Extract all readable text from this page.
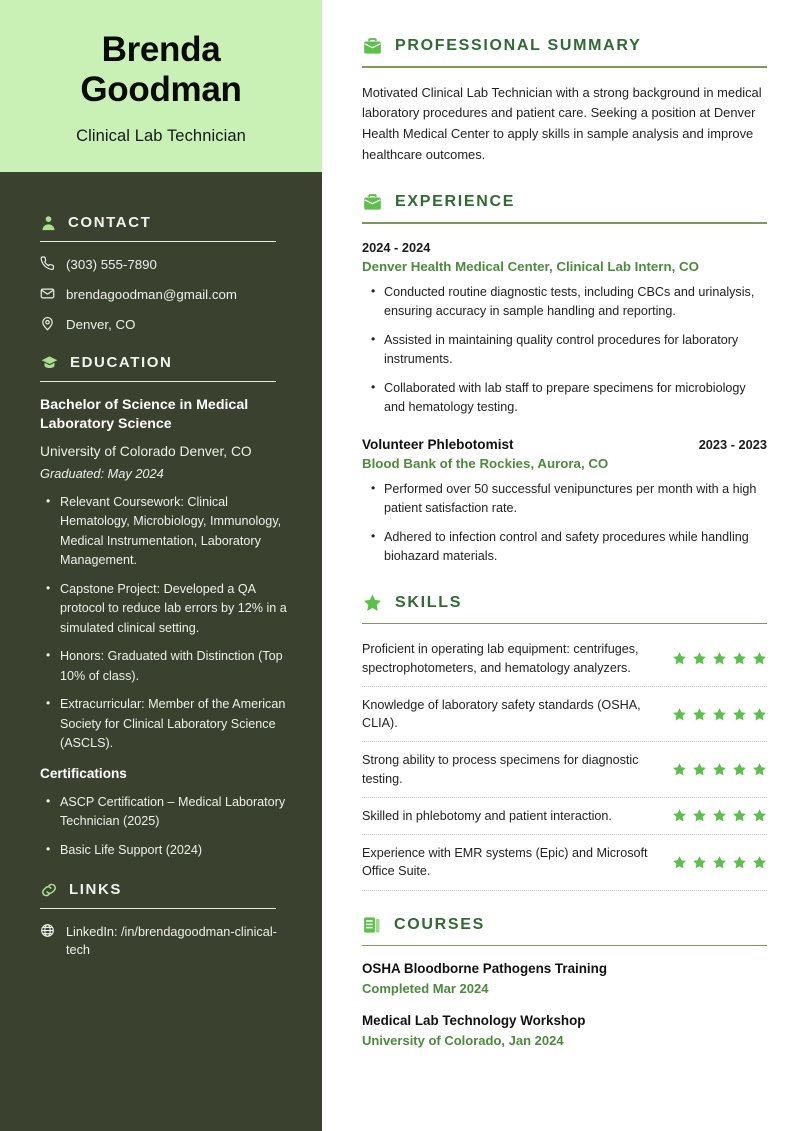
Brenda
Goodman
Clinical Lab Technician
CONTACT
(303) 555-7890
brendagoodman@gmail.com
Denver, CO
EDUCATION
Bachelor of Science in Medical Laboratory Science
University of Colorado Denver, CO
Graduated: May 2024
• Relevant Coursework: Clinical Hematology, Microbiology, Immunology, Medical Instrumentation, Laboratory Management.
• Capstone Project: Developed a QA protocol to reduce lab errors by 12% in a simulated clinical setting.
• Honors: Graduated with Distinction (Top 10% of class).
• Extracurricular: Member of the American Society for Clinical Laboratory Science (ASCLS).
Certifications
• ASCP Certification – Medical Laboratory Technician (2025)
• Basic Life Support (2024)
LINKS
LinkedIn: /in/brendagoodman-clinical-tech
PROFESSIONAL SUMMARY

Motivated Clinical Lab Technician with a strong background in medical laboratory procedures and patient care. Seeking a position at Denver Health Medical Center to apply skills in sample analysis and improve healthcare outcomes.

EXPERIENCE
2024 - 2024
Denver Health Medical Center, Clinical Lab Intern, CO
• Conducted routine diagnostic tests, including CBCs and urinalysis, ensuring accuracy in sample handling and reporting.
• Assisted in maintaining quality control procedures for laboratory instruments.
• Collaborated with lab staff to prepare specimens for microbiology and hematology testing.
Volunteer Phlebotomist	2023 - 2023
Blood Bank of the Rockies, Aurora, CO
• Performed over 50 successful venipunctures per month with a high patient satisfaction rate.
• Adhered to infection control and safety procedures while handling biohazard materials.
SKILLS
Proficient in operating lab equipment: centrifuges, spectrophotometers, and hematology analyzers.
Knowledge of laboratory safety standards (OSHA, CLIA).
Strong ability to process specimens for diagnostic testing.
Skilled in phlebotomy and patient interaction.
Experience with EMR systems (Epic) and Microsoft Office Suite.
COURSES
OSHA Bloodborne Pathogens Training
Completed Mar 2024
Medical Lab Technology Workshop
University of Colorado, Jan 2024
